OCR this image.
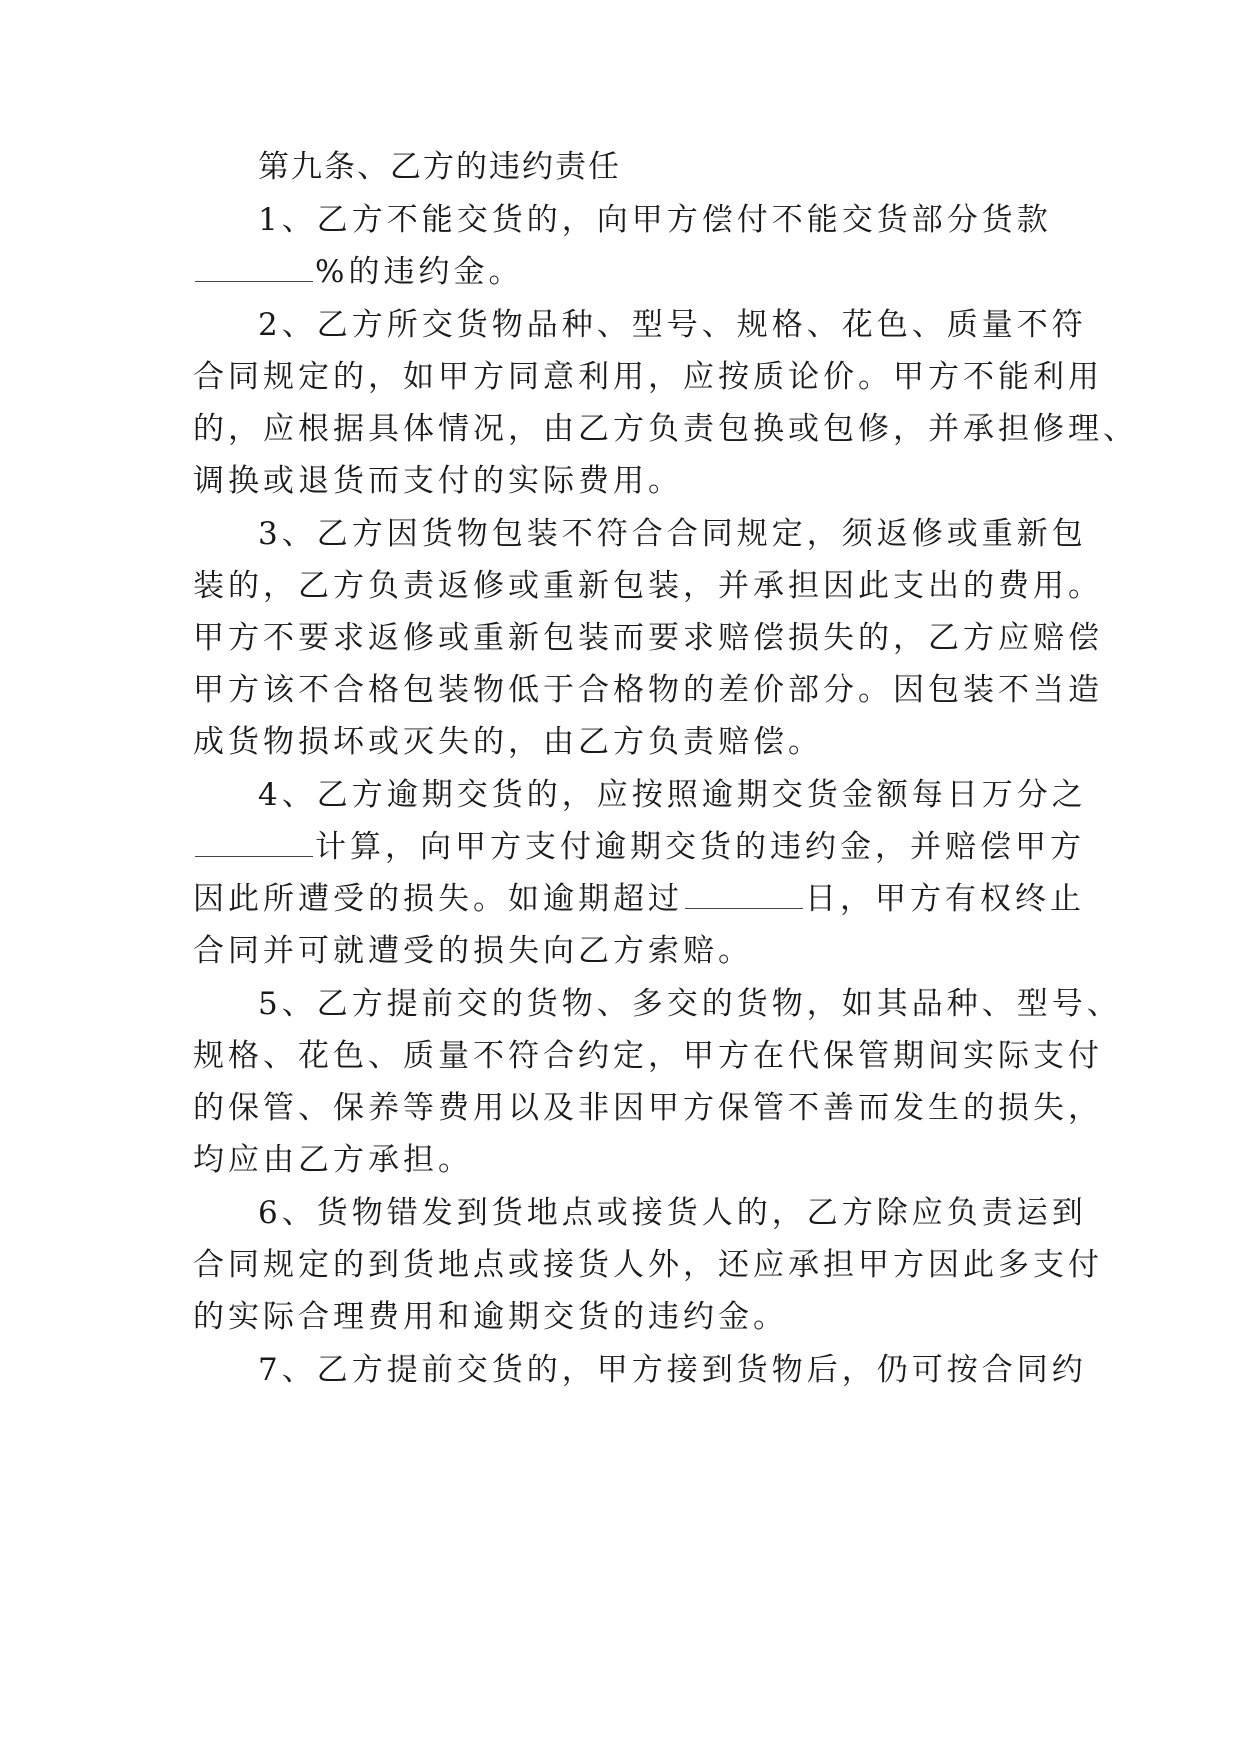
第九条、乙方的违约责任
1、乙方不能交货的，向甲方偿付不能交货部分货款
%的违约金。
2、乙方所交货物品种、型号、规格、花色、质量不符
合同规定的，如甲方同意利用，应按质论价。甲方不能利用
的，应根据具体情况，由乙方负责包换或包修，并承担修理、
调换或退货而支付的实际费用。
3、乙方因货物包装不符合合同规定，须返修或重新包
装的，乙方负责返修或重新包装，并承担因此支出的费用。
甲方不要求返修或重新包装而要求赔偿损失的，乙方应赔偿
甲方该不合格包装物低于合格物的差价部分。因包装不当造
成货物损坏或灭失的，由乙方负责赔偿。
4、乙方逾期交货的，应按照逾期交货金额每日万分之
计算，向甲方支付逾期交货的违约金，并赔偿甲方
因此所遭受的损失。如逾期超过	日，甲方有权终止
合同并可就遭受的损失向乙方索赔。
5、乙方提前交的货物、多交的货物，如其品种、型号、
规格、花色、质量不符合约定，甲方在代保管期间实际支付
的保管、保养等费用以及非因甲方保管不善而发生的损失，
均应由乙方承担。
6、货物错发到货地点或接货人的，乙方除应负责运到
合同规定的到货地点或接货人外，还应承担甲方因此多支付
的实际合理费用和逾期交货的违约金。
7、乙方提前交货的，甲方接到货物后，仍可按合同约
